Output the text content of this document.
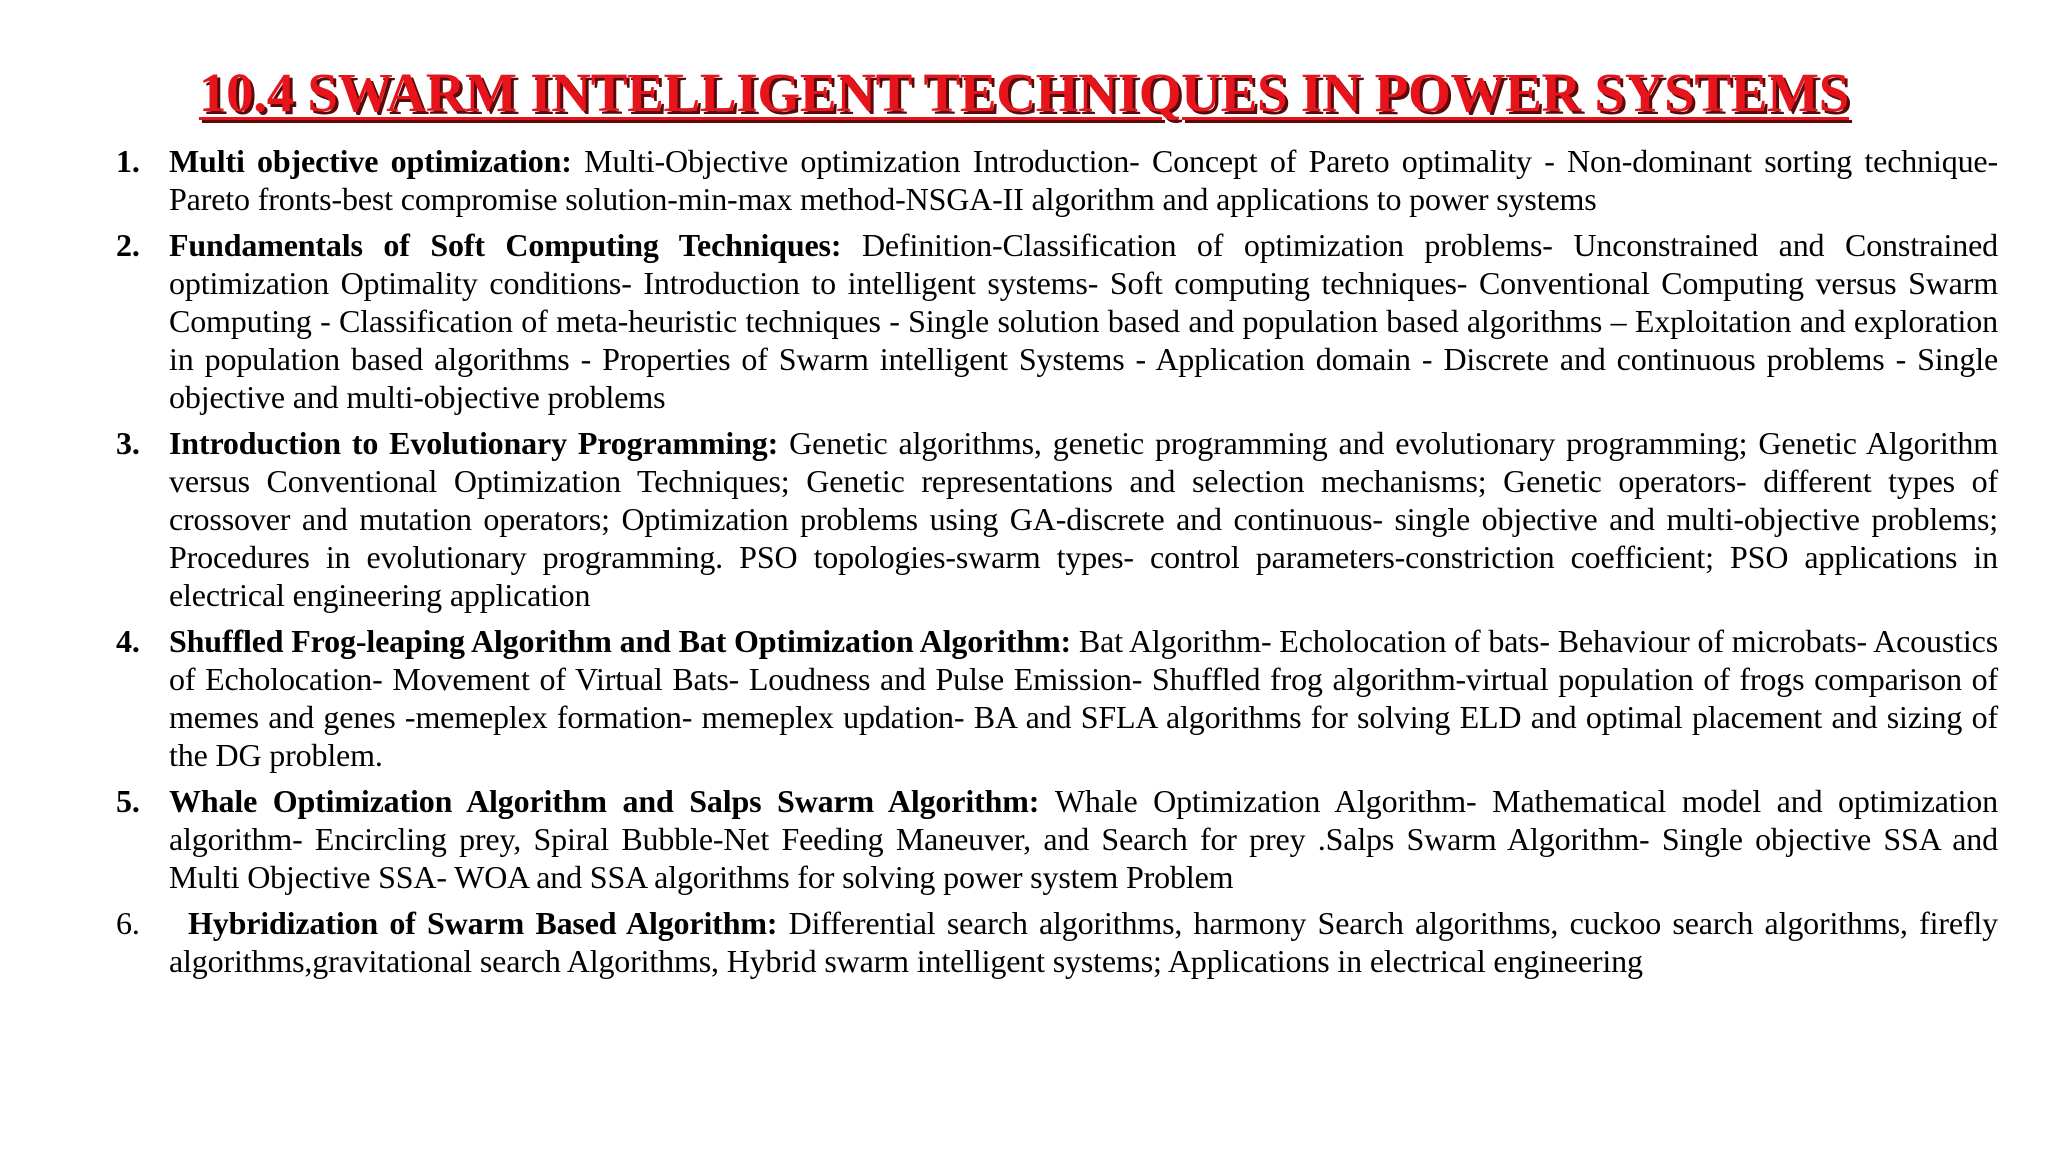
10.4 SWARM INTELLIGENT TECHNIQUES IN POWER SYSTEMS
1. Multi objective optimization: Multi-Objective optimization Introduction- Concept of Pareto optimality - Non-dominant sorting technique-Pareto fronts-best compromise solution-min-max method-NSGA-II algorithm and applications to power systems
2. Fundamentals of Soft Computing Techniques: Definition-Classification of optimization problems- Unconstrained and Constrained optimization Optimality conditions- Introduction to intelligent systems- Soft computing techniques- Conventional Computing versus Swarm Computing - Classification of meta-heuristic techniques - Single solution based and population based algorithms – Exploitation and exploration in population based algorithms - Properties of Swarm intelligent Systems - Application domain - Discrete and continuous problems - Single objective and multi-objective problems
3. Introduction to Evolutionary Programming: Genetic algorithms, genetic programming and evolutionary programming; Genetic Algorithm versus Conventional Optimization Techniques; Genetic representations and selection mechanisms; Genetic operators- different types of crossover and mutation operators; Optimization problems using GA-discrete and continuous- single objective and multi-objective problems; Procedures in evolutionary programming. PSO topologies-swarm types- control parameters-constriction coefficient; PSO applications in electrical engineering application
4. Shuffled Frog-leaping Algorithm and Bat Optimization Algorithm: Bat Algorithm- Echolocation of bats- Behaviour of microbats- Acoustics of Echolocation- Movement of Virtual Bats- Loudness and Pulse Emission- Shuffled frog algorithm-virtual population of frogs comparison of memes and genes -memeplex formation- memeplex updation- BA and SFLA algorithms for solving ELD and optimal placement and sizing of the DG problem.
5. Whale Optimization Algorithm and Salps Swarm Algorithm: Whale Optimization Algorithm- Mathematical model and optimization algorithm- Encircling prey, Spiral Bubble-Net Feeding Maneuver, and Search for prey .Salps Swarm Algorithm- Single objective SSA and Multi Objective SSA- WOA and SSA algorithms for solving power system Problem
6.	Hybridization of Swarm Based Algorithm: Differential search algorithms, harmony Search algorithms, cuckoo search algorithms, firefly algorithms,gravitational search Algorithms, Hybrid swarm intelligent systems; Applications in electrical engineering
